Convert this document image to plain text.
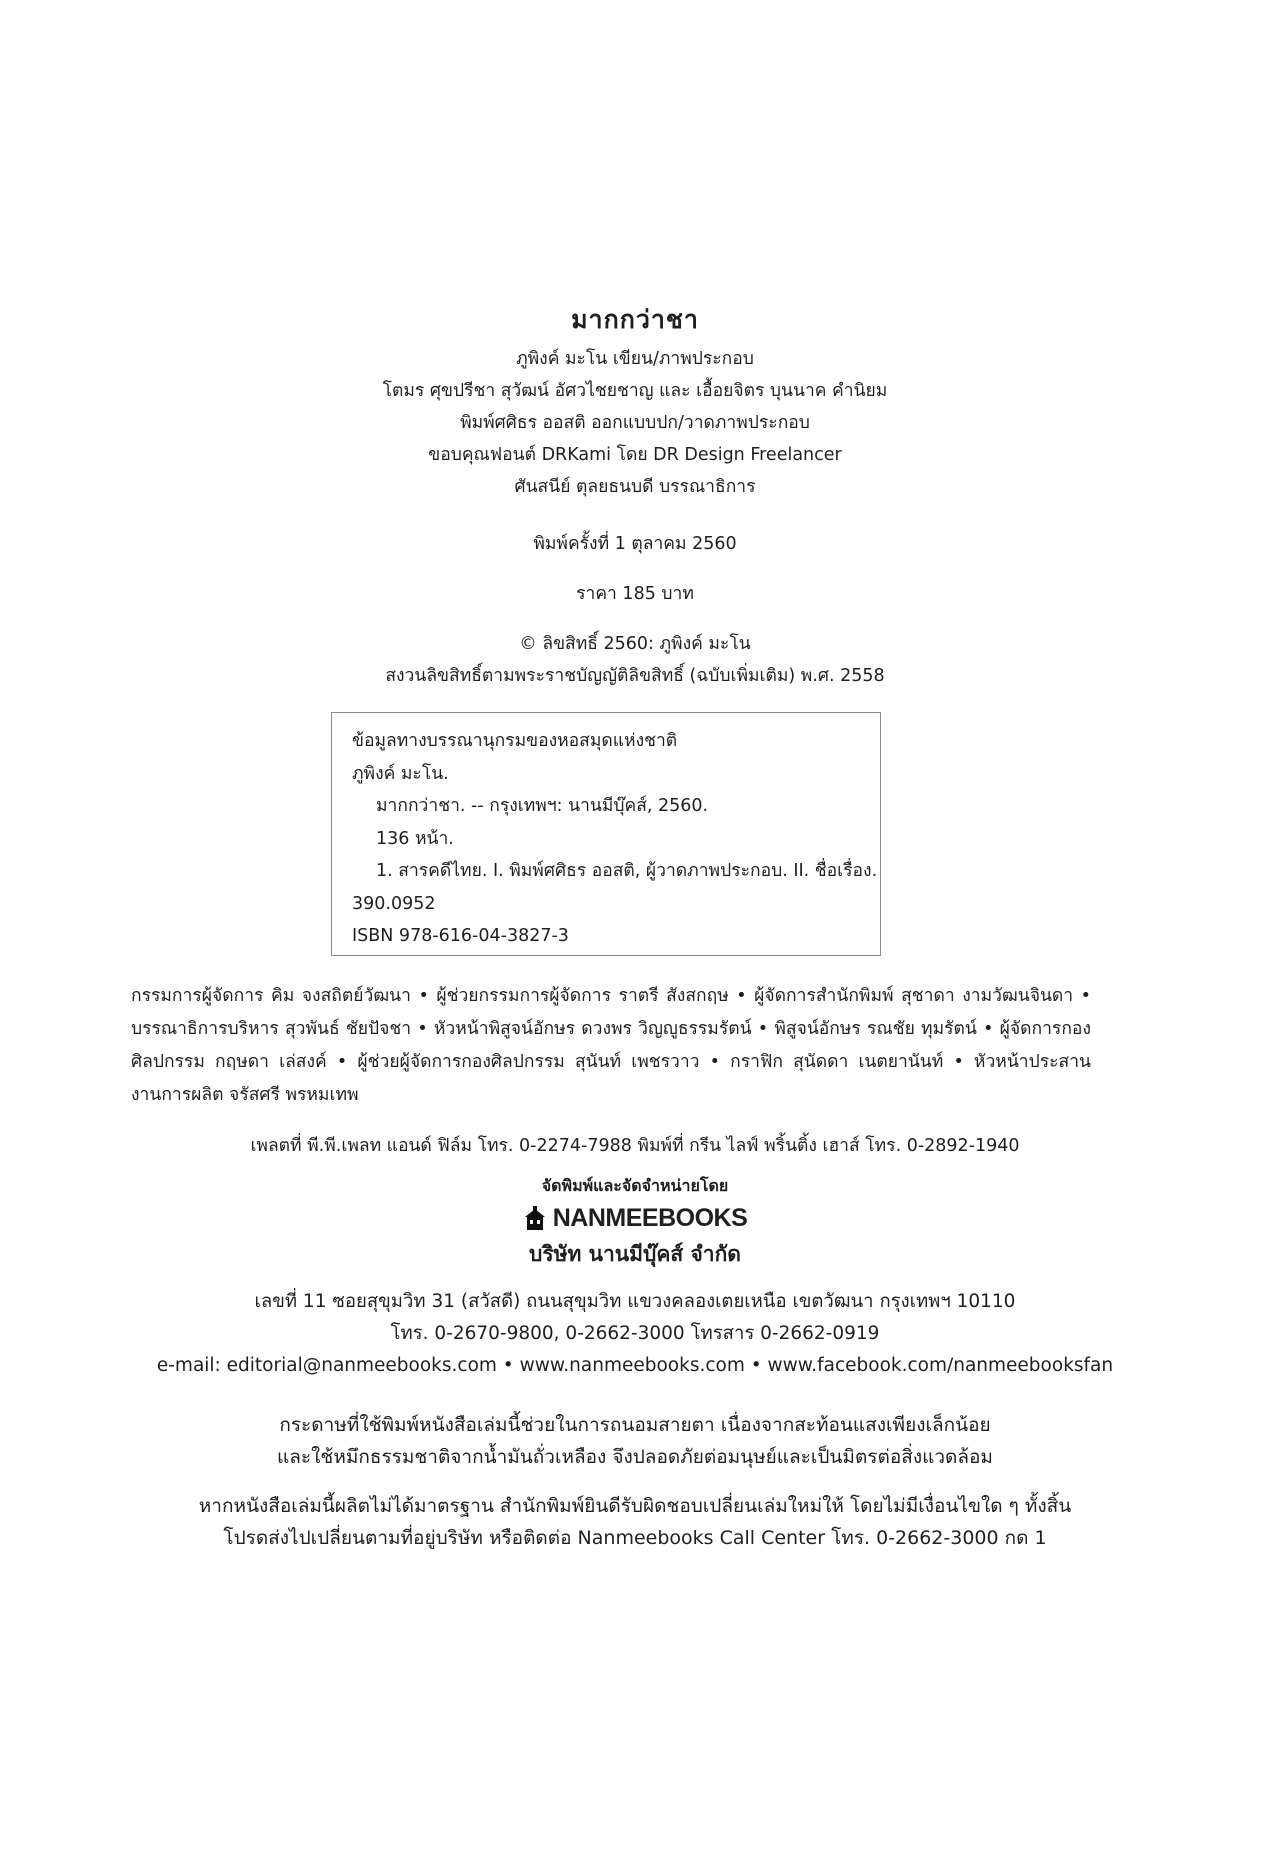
มากกว่าชา
ภูพิงค์ มะโน เขียน/ภาพประกอบ
โตมร ศุขปรีชา สุวัฒน์ อัศวไชยชาญ และ เอื้อยจิตร บุนนาค คำนิยม
พิมพ์ศศิธร ออสติ ออกแบบปก/วาดภาพประกอบ
ขอบคุณฟอนต์ DRKami โดย DR Design Freelancer
ศันสนีย์ ตุลยธนบดี บรรณาธิการ
พิมพ์ครั้งที่ 1 ตุลาคม 2560
ราคา 185 บาท
© ลิขสิทธิ์ 2560: ภูพิงค์ มะโน
สงวนลิขสิทธิ์ตามพระราชบัญญัติลิขสิทธิ์ (ฉบับเพิ่มเติม) พ.ศ. 2558
ข้อมูลทางบรรณานุกรมของหอสมุดแห่งชาติ
ภูพิงค์ มะโน.
มากกว่าชา. -- กรุงเทพฯ: นานมีบุ๊คส์, 2560.
136 หน้า.
1. สารคดีไทย. I. พิมพ์ศศิธร ออสติ, ผู้วาดภาพประกอบ. II. ชื่อเรื่อง.
390.0952
ISBN 978-616-04-3827-3
กรรมการผู้จัดการ คิม จงสถิตย์วัฒนา • ผู้ช่วยกรรมการผู้จัดการ ราตรี สังสกฤษ • ผู้จัดการสำนักพิมพ์ สุชาดา งามวัฒนจินดา • บรรณาธิการบริหาร สุวพันธ์ ชัยปัจชา • หัวหน้าพิสูจน์อักษร ดวงพร วิญญูธรรมรัตน์ • พิสูจน์อักษร รณชัย ทุมรัตน์ • ผู้จัดการกองศิลปกรรม กฤษดา เล่สงค์ • ผู้ช่วยผู้จัดการกองศิลปกรรม สุนันท์ เพชรวาว • กราฟิก สุนัดดา เนตยานันท์ • หัวหน้าประสานงานการผลิต จรัสศรี พรหมเทพ
เพลตที่ พี.พี.เพลท แอนด์ ฟิล์ม โทร. 0-2274-7988 พิมพ์ที่ กรีน ไลฟ์ พริ้นติ้ง เฮาส์ โทร. 0-2892-1940
จัดพิมพ์และจัดจำหน่ายโดย
NANMEEBOOKS
บริษัท นานมีบุ๊คส์ จำกัด
เลขที่ 11 ซอยสุขุมวิท 31 (สวัสดี) ถนนสุขุมวิท แขวงคลองเตยเหนือ เขตวัฒนา กรุงเทพฯ 10110
โทร. 0-2670-9800, 0-2662-3000 โทรสาร 0-2662-0919
e-mail: editorial@nanmeebooks.com • www.nanmeebooks.com • www.facebook.com/nanmeebooksfan
กระดาษที่ใช้พิมพ์หนังสือเล่มนี้ช่วยในการถนอมสายตา เนื่องจากสะท้อนแสงเพียงเล็กน้อย
และใช้หมึกธรรมชาติจากน้ำมันถั่วเหลือง จึงปลอดภัยต่อมนุษย์และเป็นมิตรต่อสิ่งแวดล้อม
หากหนังสือเล่มนี้ผลิตไม่ได้มาตรฐาน สำนักพิมพ์ยินดีรับผิดชอบเปลี่ยนเล่มใหม่ให้ โดยไม่มีเงื่อนไขใด ๆ ทั้งสิ้น
โปรดส่งไปเปลี่ยนตามที่อยู่บริษัท หรือติดต่อ Nanmeebooks Call Center โทร. 0-2662-3000 กด 1
